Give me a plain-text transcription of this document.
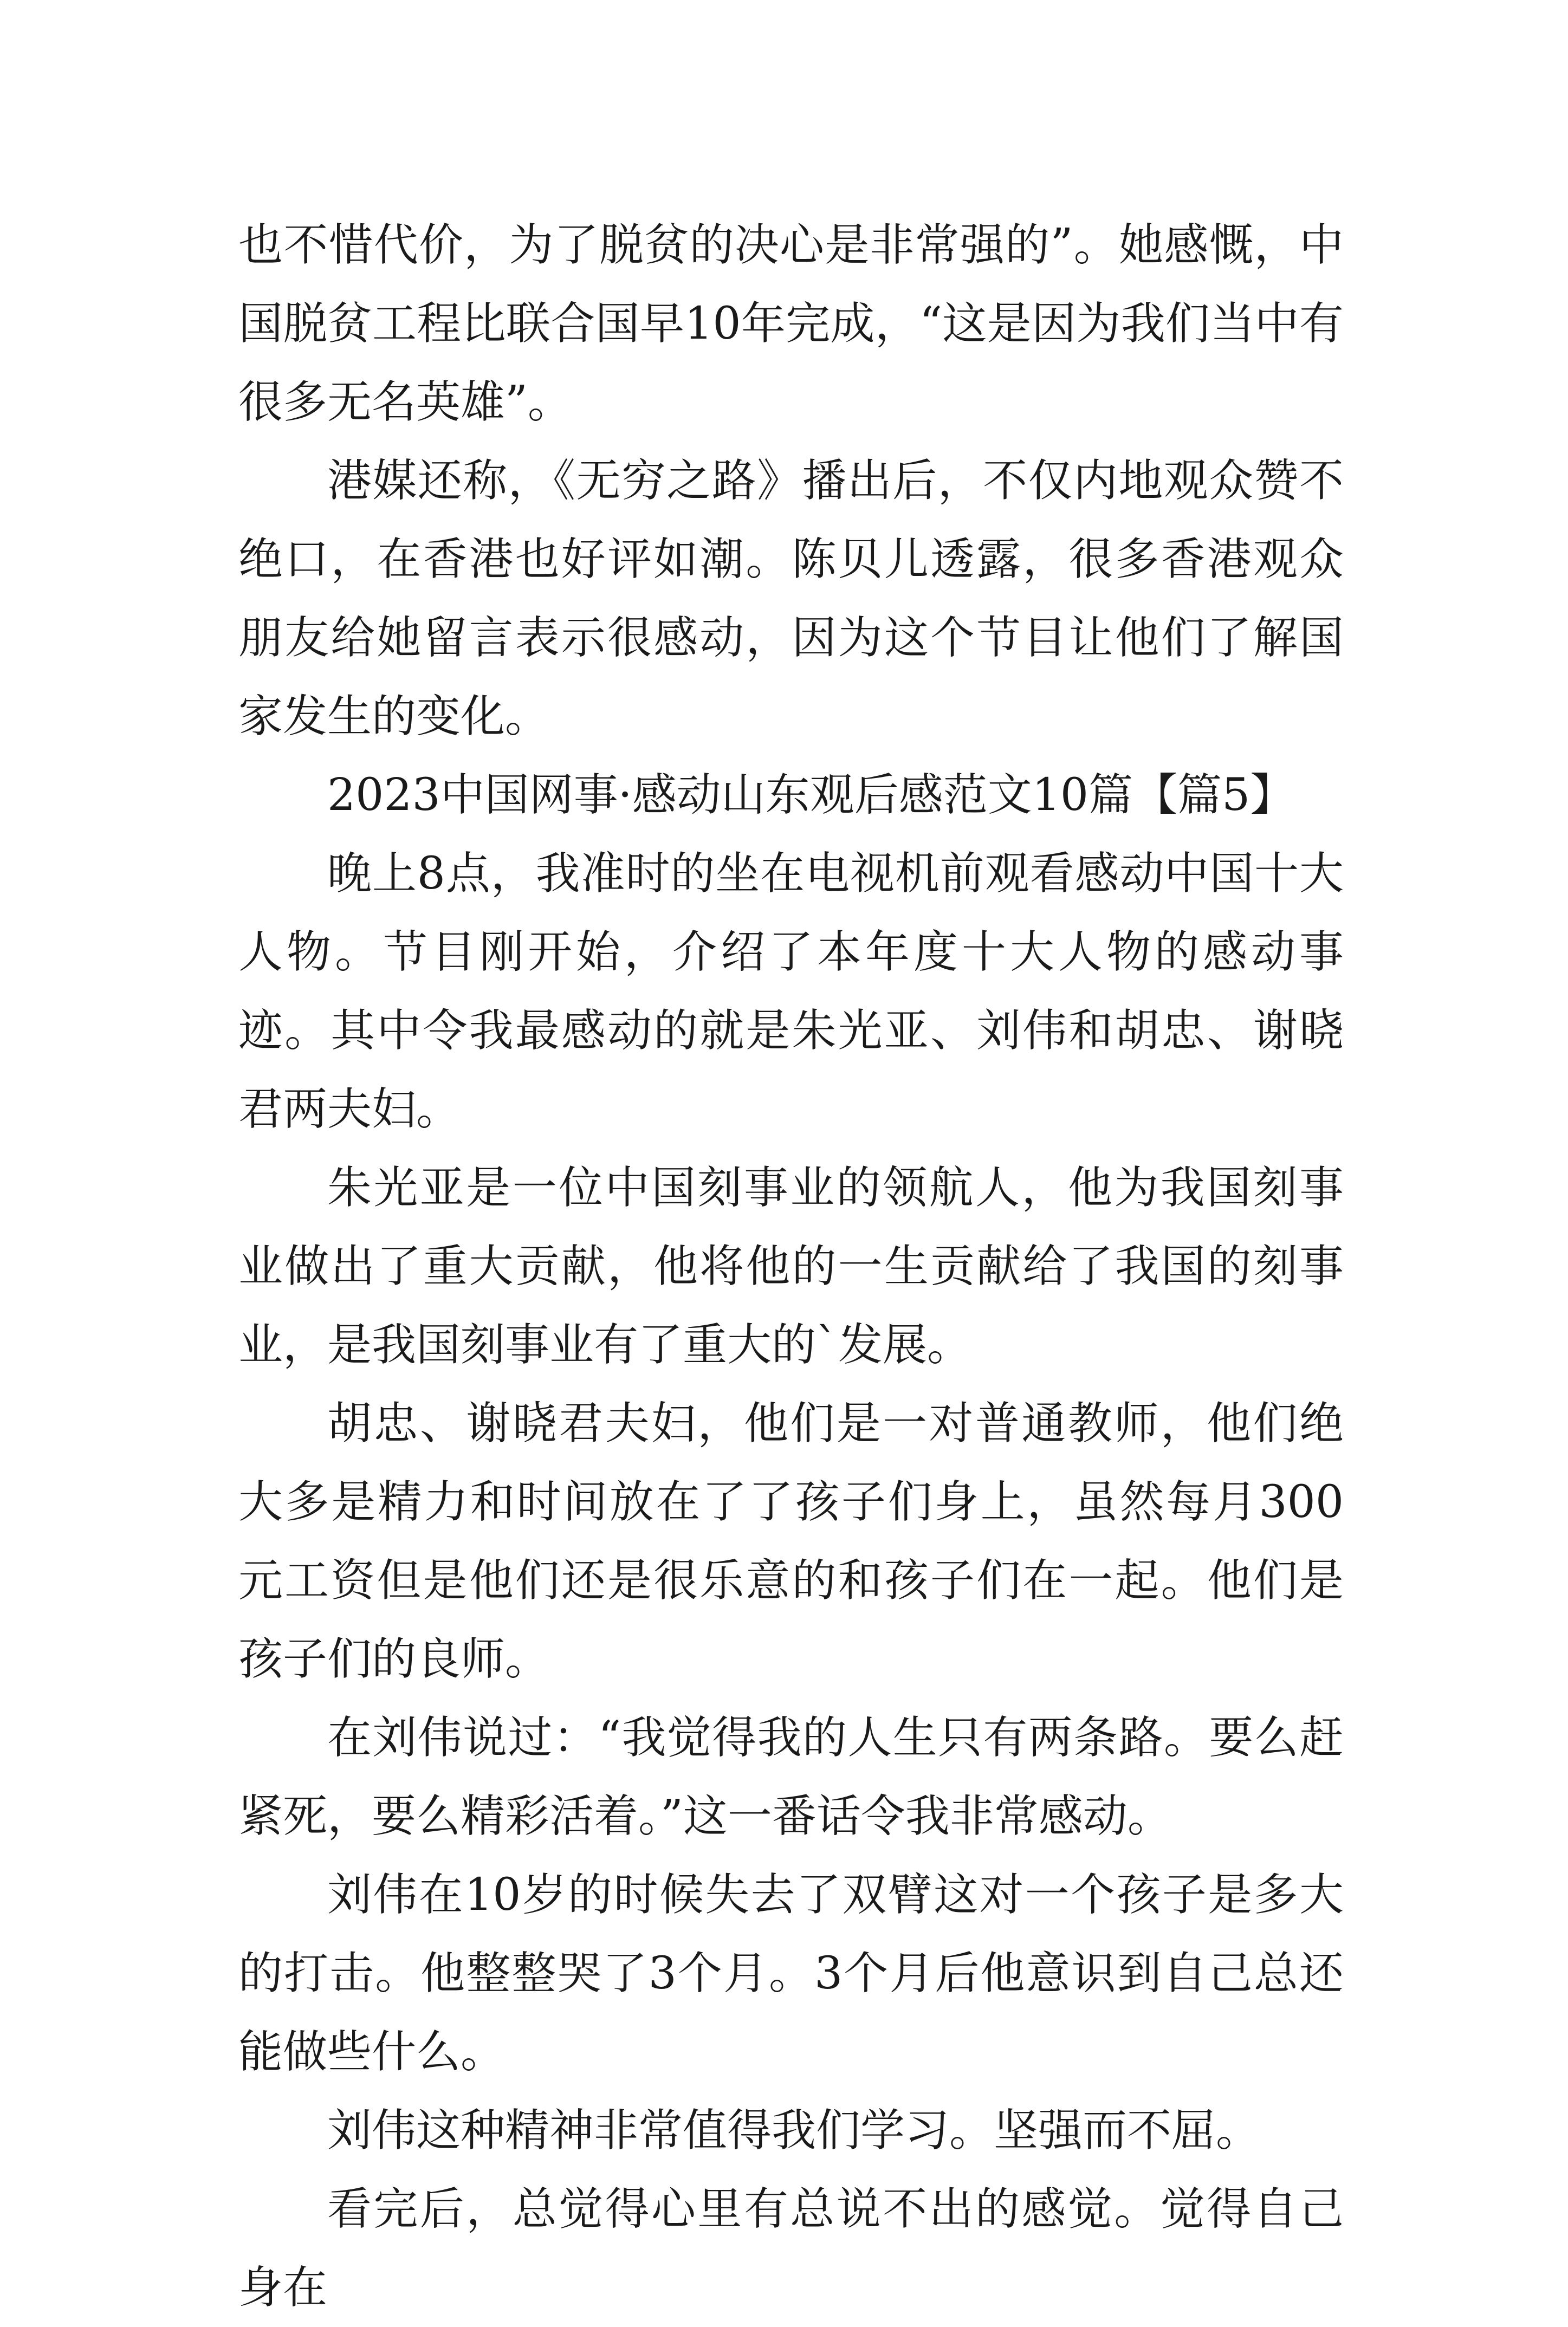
也不惜代价，为了脱贫的决心是非常强的”。她感慨，中国脱贫工程比联合国早10年完成，“这是因为我们当中有很多无名英雄”。

港媒还称，《无穷之路》播出后，不仅内地观众赞不绝口，在香港也好评如潮。陈贝儿透露，很多香港观众朋友给她留言表示很感动，因为这个节目让他们了解国家发生的变化。

2023中国网事·感动山东观后感范文10篇【篇5】

晚上8点，我准时的坐在电视机前观看感动中国十大人物。节目刚开始，介绍了本年度十大人物的感动事迹。其中令我最感动的就是朱光亚、刘伟和胡忠、谢晓君两夫妇。

朱光亚是一位中国刻事业的领航人，他为我国刻事业做出了重大贡献，他将他的一生贡献给了我国的刻事业，是我国刻事业有了重大的`发展。

胡忠、谢晓君夫妇，他们是一对普通教师，他们绝大多是精力和时间放在了了孩子们身上，虽然每月300元工资但是他们还是很乐意的和孩子们在一起。他们是孩子们的良师。

在刘伟说过：“我觉得我的人生只有两条路。要么赶紧死，要么精彩活着。”这一番话令我非常感动。

刘伟在10岁的时候失去了双臂这对一个孩子是多大的打击。他整整哭了3个月。3个月后他意识到自己总还能做些什么。

刘伟这种精神非常值得我们学习。坚强而不屈。

看完后，总觉得心里有总说不出的感觉。觉得自己身在
